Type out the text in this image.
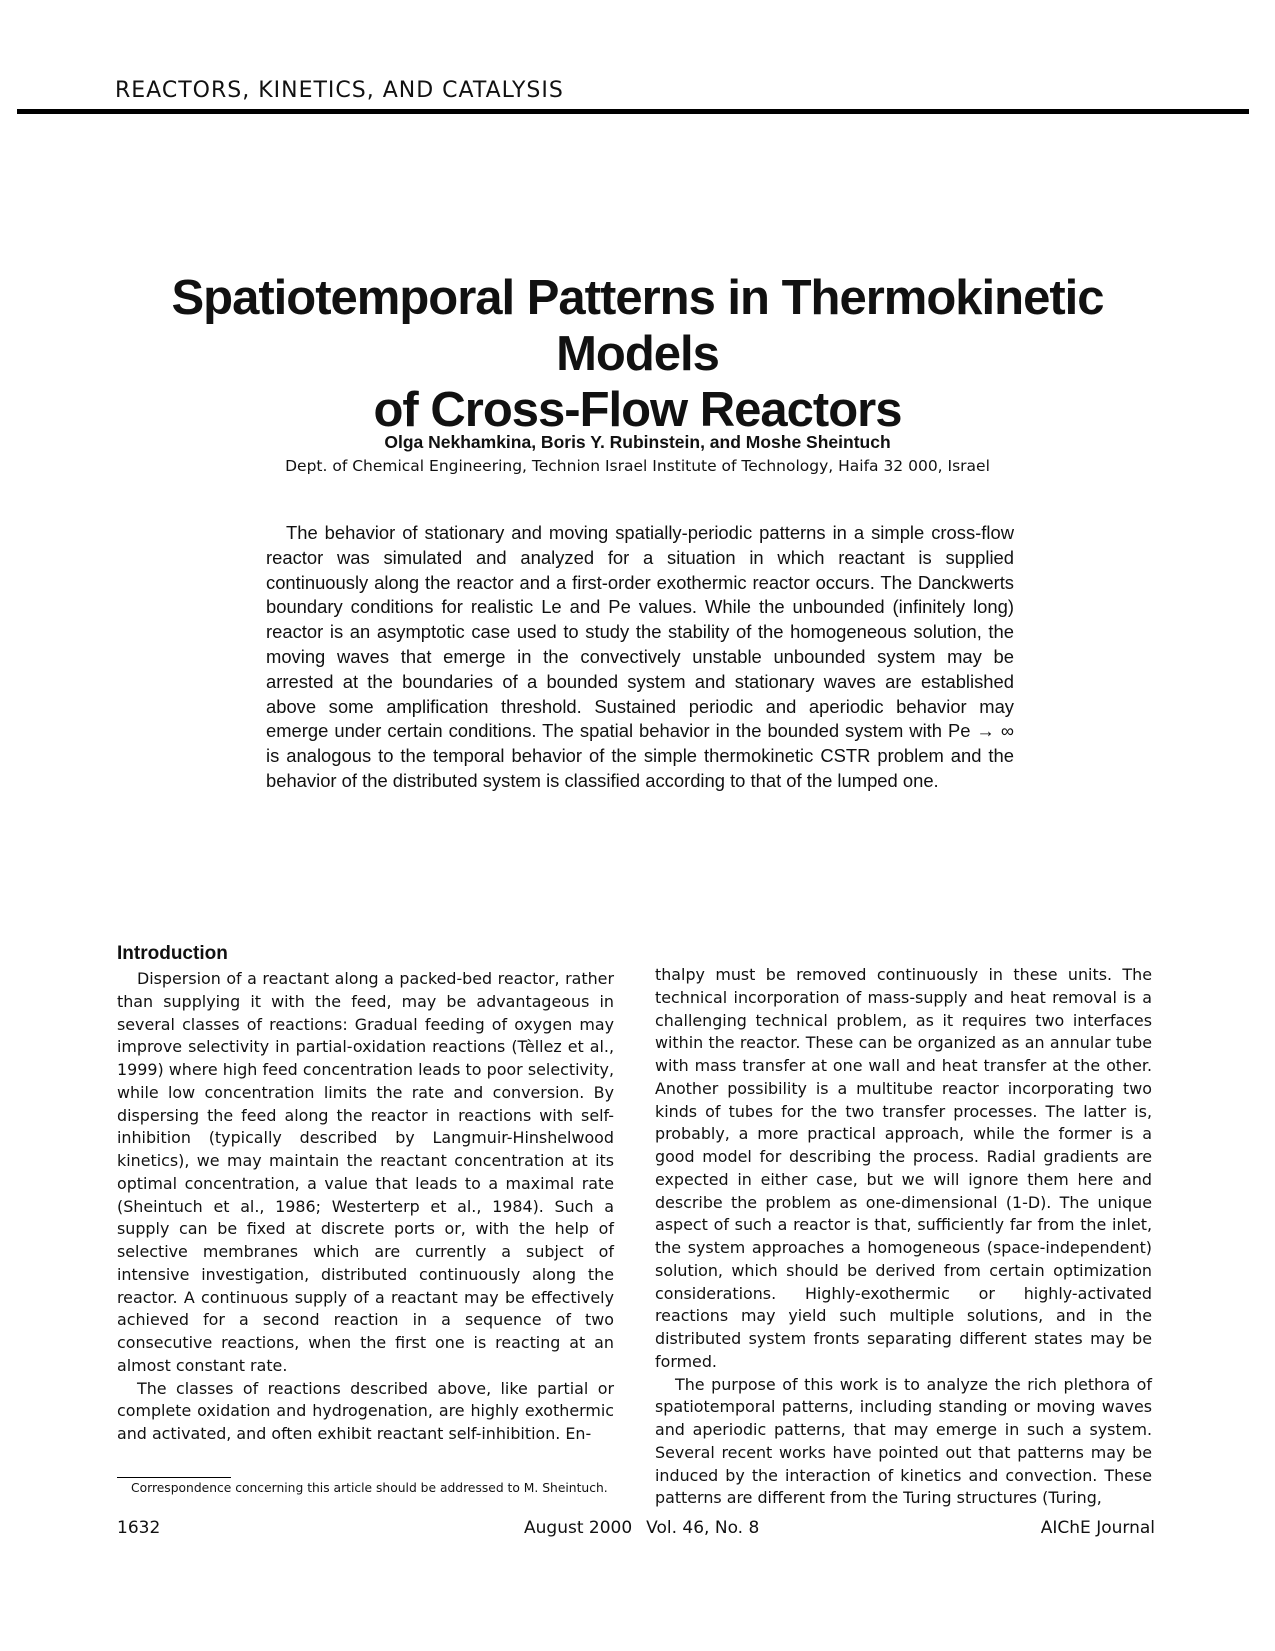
REACTORS, KINETICS, AND CATALYSIS
Spatiotemporal Patterns in Thermokinetic Models
of Cross-Flow Reactors
Olga Nekhamkina, Boris Y. Rubinstein, and Moshe Sheintuch
Dept. of Chemical Engineering, Technion Israel Institute of Technology, Haifa 32 000, Israel

The behavior of stationary and moving spatially-periodic patterns in a simple cross-flow reactor was simulated and analyzed for a situation in which reactant is supplied continuously along the reactor and a first-order exothermic reactor occurs. The Danckwerts boundary conditions for realistic Le and Pe values. While the unbounded (infinitely long) reactor is an asymptotic case used to study the stability of the homogeneous solution, the moving waves that emerge in the convectively unstable unbounded system may be arrested at the boundaries of a bounded system and stationary waves are established above some amplification threshold. Sustained periodic and aperiodic behavior may emerge under certain conditions. The spatial behavior in the bounded system with Pe → ∞ is analogous to the temporal behavior of the simple thermokinetic CSTR problem and the behavior of the distributed system is classified according to that of the lumped one.

Introduction

Dispersion of a reactant along a packed-bed reactor, rather than supplying it with the feed, may be advantageous in several classes of reactions: Gradual feeding of oxygen may improve selectivity in partial-oxidation reactions (Tèllez et al., 1999) where high feed concentration leads to poor selectivity, while low concentration limits the rate and conversion. By dispersing the feed along the reactor in reactions with self-inhibition (typically described by Langmuir-Hinshelwood kinetics), we may maintain the reactant concentration at its optimal concentration, a value that leads to a maximal rate (Sheintuch et al., 1986; Westerterp et al., 1984). Such a supply can be fixed at discrete ports or, with the help of selective membranes which are currently a subject of intensive investigation, distributed continuously along the reactor. A continuous supply of a reactant may be effectively achieved for a second reaction in a sequence of two consecutive reactions, when the first one is reacting at an almost constant rate.

The classes of reactions described above, like partial or complete oxidation and hydrogenation, are highly exothermic and activated, and often exhibit reactant self-inhibition. En-

thalpy must be removed continuously in these units. The technical incorporation of mass-supply and heat removal is a challenging technical problem, as it requires two interfaces within the reactor. These can be organized as an annular tube with mass transfer at one wall and heat transfer at the other. Another possibility is a multitube reactor incorporating two kinds of tubes for the two transfer processes. The latter is, probably, a more practical approach, while the former is a good model for describing the process. Radial gradients are expected in either case, but we will ignore them here and describe the problem as one-dimensional (1-D). The unique aspect of such a reactor is that, sufficiently far from the inlet, the system approaches a homogeneous (space-independent) solution, which should be derived from certain optimization considerations. Highly-exothermic or highly-activated reactions may yield such multiple solutions, and in the distributed system fronts separating different states may be formed.

The purpose of this work is to analyze the rich plethora of spatiotemporal patterns, including standing or moving waves and aperiodic patterns, that may emerge in such a system. Several recent works have pointed out that patterns may be induced by the interaction of kinetics and convection. These patterns are different from the Turing structures (Turing,

Correspondence concerning this article should be addressed to M. Sheintuch.
1632	August 2000 Vol. 46, No. 8	AIChE Journal
